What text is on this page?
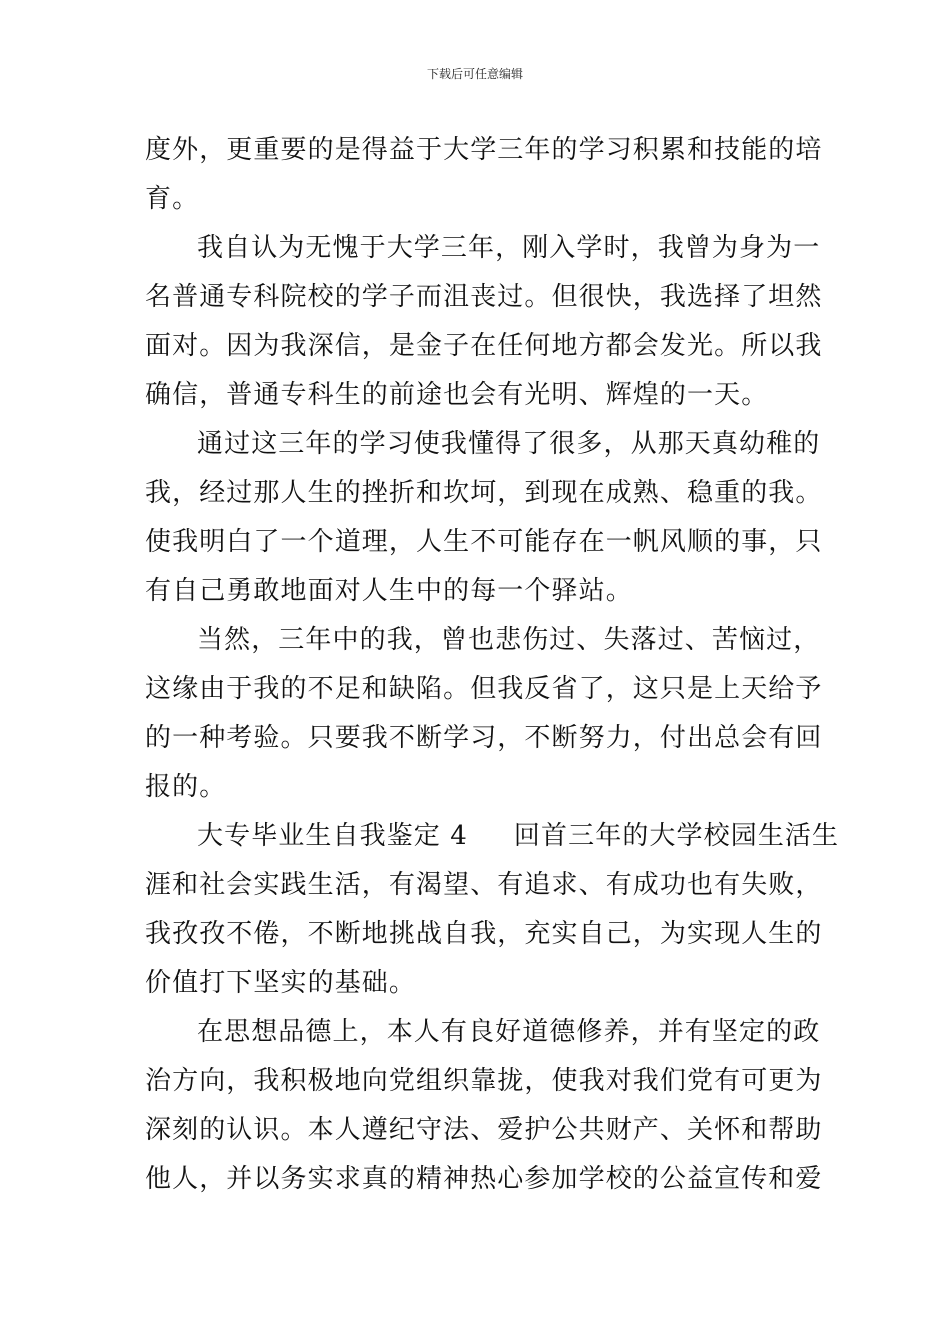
下载后可任意编辑
度外，更重要的是得益于大学三年的学习积累和技能的培
育。
我自认为无愧于大学三年，刚入学时，我曾为身为一
名普通专科院校的学子而沮丧过。但很快，我选择了坦然
面对。因为我深信，是金子在任何地方都会发光。所以我
确信，普通专科生的前途也会有光明、辉煌的一天。
通过这三年的学习使我懂得了很多，从那天真幼稚的
我，经过那人生的挫折和坎坷，到现在成熟、稳重的我。
使我明白了一个道理，人生不可能存在一帆风顺的事，只
有自己勇敢地面对人生中的每一个驿站。
当然，三年中的我，曾也悲伤过、失落过、苦恼过，
这缘由于我的不足和缺陷。但我反省了，这只是上天给予
的一种考验。只要我不断学习，不断努力，付出总会有回
报的。
大专毕业生自我鉴定 4 回首三年的大学校园生活生
涯和社会实践生活，有渴望、有追求、有成功也有失败，
我孜孜不倦，不断地挑战自我，充实自己，为实现人生的
价值打下坚实的基础。
在思想品德上，本人有良好道德修养，并有坚定的政
治方向，我积极地向党组织靠拢，使我对我们党有可更为
深刻的认识。本人遵纪守法、爱护公共财产、关怀和帮助
他人，并以务实求真的精神热心参加学校的公益宣传和爱
